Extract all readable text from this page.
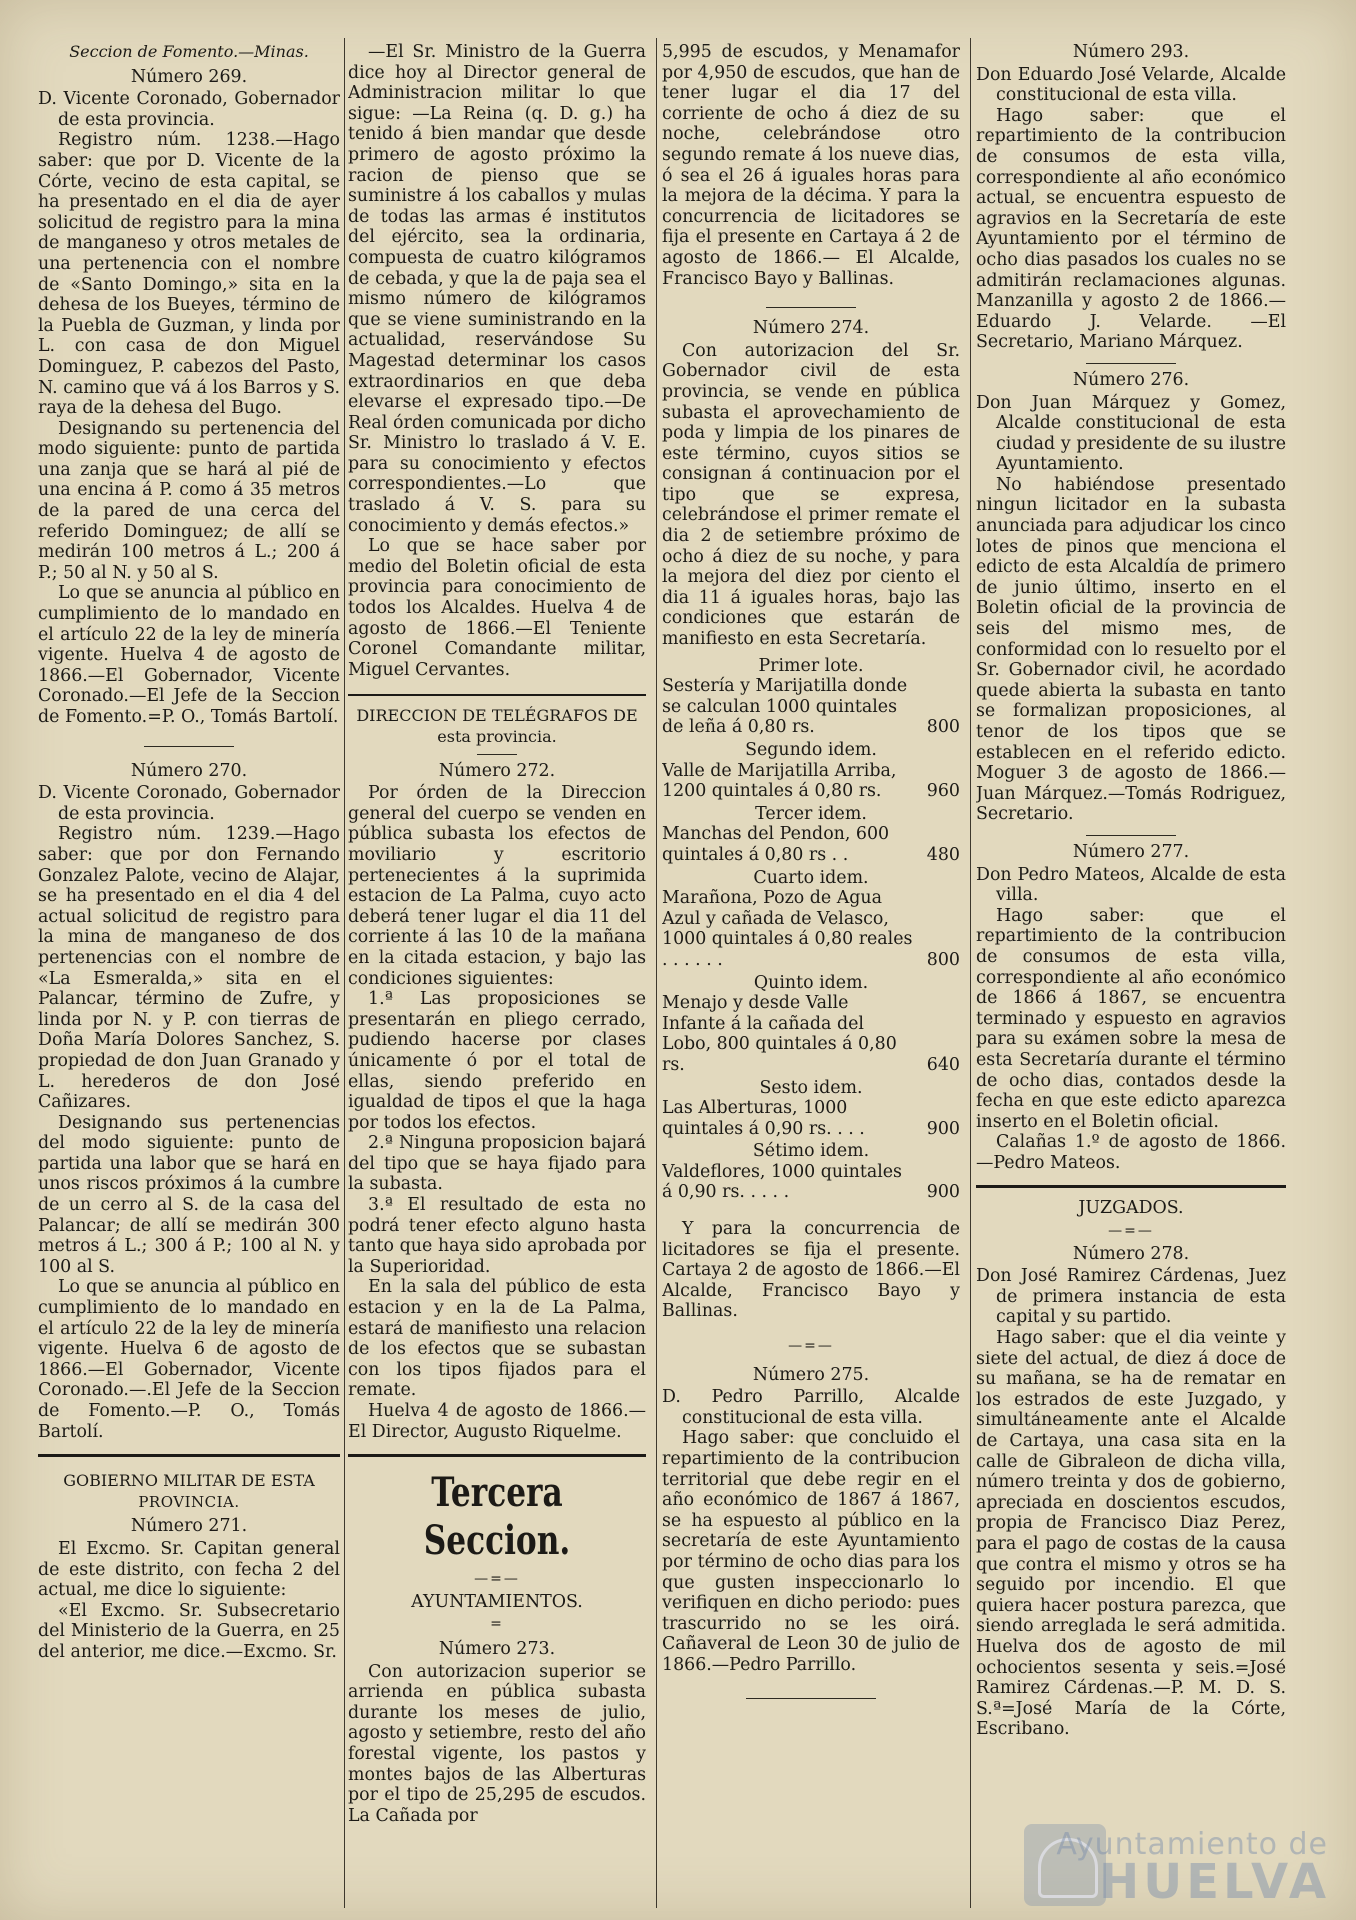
Seccion de Fomento.—Minas.

Número 269.

D. Vicente Coronado, Gobernador de esta provincia.

Registro núm. 1238.—Hago saber: que por D. Vicente de la Córte, vecino de esta capital, se ha presentado en el dia de ayer solicitud de registro para la mina de manganeso y otros metales de una pertenencia con el nombre de «Santo Domingo,» sita en la dehesa de los Bueyes, término de la Puebla de Guzman, y linda por L. con casa de don Miguel Dominguez, P. cabezos del Pasto, N. camino que vá á los Barros y S. raya de la dehesa del Bugo.

Designando su pertenencia del modo siguiente: punto de partida una zanja que se hará al pié de una encina á P. como á 35 metros de la pared de una cerca del referido Dominguez; de allí se medirán 100 metros á L.; 200 á P.; 50 al N. y 50 al S.

Lo que se anuncia al público en cumplimiento de lo mandado en el artículo 22 de la ley de minería vigente. Huelva 4 de agosto de 1866.—El Gobernador, Vicente Coronado.—El Jefe de la Seccion de Fomento.=P. O., Tomás Bartolí.

Número 270.

D. Vicente Coronado, Gobernador de esta provincia.

Registro núm. 1239.—Hago saber: que por don Fernando Gonzalez Palote, vecino de Alajar, se ha presentado en el dia 4 del actual solicitud de registro para la mina de manganeso de dos pertenencias con el nombre de «La Esmeralda,» sita en el Palancar, término de Zufre, y linda por N. y P. con tierras de Doña María Dolores Sanchez, S. propiedad de don Juan Granado y L. herederos de don José Cañizares.

Designando sus pertenencias del modo siguiente: punto de partida una labor que se hará en unos riscos próximos á la cumbre de un cerro al S. de la casa del Palancar; de allí se medirán 300 metros á L.; 300 á P.; 100 al N. y 100 al S.

Lo que se anuncia al público en cumplimiento de lo mandado en el artículo 22 de la ley de minería vigente. Huelva 6 de agosto de 1866.—El Gobernador, Vicente Coronado.—.El Jefe de la Seccion de Fomento.—P. O., Tomás Bartolí.

GOBIERNO MILITAR DE ESTA

PROVINCIA.

Número 271.

El Excmo. Sr. Capitan general de este distrito, con fecha 2 del actual, me dice lo siguiente:

«El Excmo. Sr. Subsecretario del Ministerio de la Guerra, en 25 del anterior, me dice.—Excmo. Sr.

—El Sr. Ministro de la Guerra dice hoy al Director general de Administracion militar lo que sigue: —La Reina (q. D. g.) ha tenido á bien mandar que desde primero de agosto próximo la racion de pienso que se suministre á los caballos y mulas de todas las armas é institutos del ejército, sea la ordinaria, compuesta de cuatro kilógramos de cebada, y que la de paja sea el mismo número de kilógramos que se viene suministrando en la actualidad, reservándose Su Magestad determinar los casos extraordinarios en que deba elevarse el expresado tipo.—De Real órden comunicada por dicho Sr. Ministro lo traslado á V. E. para su conocimiento y efectos correspondientes.—Lo que traslado á V. S. para su conocimiento y demás efectos.»

Lo que se hace saber por medio del Boletin oficial de esta provincia para conocimiento de todos los Alcaldes. Huelva 4 de agosto de 1866.—El Teniente Coronel Comandante militar, Miguel Cervantes.

DIRECCION DE TELÉGRAFOS DE esta provincia.

Número 272.

Por órden de la Direccion general del cuerpo se venden en pública subasta los efectos de moviliario y escritorio pertenecientes á la suprimida estacion de La Palma, cuyo acto deberá tener lugar el dia 11 del corriente á las 10 de la mañana en la citada estacion, y bajo las condiciones siguientes:

1.ª Las proposiciones se presentarán en pliego cerrado, pudiendo hacerse por clases únicamente ó por el total de ellas, siendo preferido en igualdad de tipos el que la haga por todos los efectos.

2.ª Ninguna proposicion bajará del tipo que se haya fijado para la subasta.

3.ª El resultado de esta no podrá tener efecto alguno hasta tanto que haya sido aprobada por la Superioridad.

En la sala del público de esta estacion y en la de La Palma, estará de manifiesto una relacion de los efectos que se subastan con los tipos fijados para el remate.

Huelva 4 de agosto de 1866.— El Director, Augusto Riquelme.

Tercera Seccion.

—=—

AYUNTAMIENTOS.

=

Número 273.

Con autorizacion superior se arrienda en pública subasta durante los meses de julio, agosto y setiembre, resto del año forestal vigente, los pastos y montes bajos de las Alberturas por el tipo de 25,295 de escudos. La Cañada por

5,995 de escudos, y Menamafor por 4,950 de escudos, que han de tener lugar el dia 17 del corriente de ocho á diez de su noche, celebrándose otro segundo remate á los nueve dias, ó sea el 26 á iguales horas para la mejora de la décima. Y para la concurrencia de licitadores se fija el presente en Cartaya á 2 de agosto de 1866.— El Alcalde, Francisco Bayo y Ballinas.

Número 274.

Con autorizacion del Sr. Gobernador civil de esta provincia, se vende en pública subasta el aprovechamiento de poda y limpia de los pinares de este término, cuyos sitios se consignan á continuacion por el tipo que se expresa, celebrándose el primer remate el dia 2 de setiembre próximo de ocho á diez de su noche, y para la mejora del diez por ciento el dia 11 á iguales horas, bajo las condiciones que estarán de manifiesto en esta Secretaría.

Primer lote.

Sestería y Marijatilla donde se calculan 1000 quintales de leña á 0,80 rs.	800

Segundo idem.

Valle de Marijatilla Arriba, 1200 quintales á 0,80 rs.	960

Tercer idem.

Manchas del Pendon, 600 quintales á 0,80 rs . .	480

Cuarto idem.

Marañona, Pozo de Agua Azul y cañada de Velasco, 1000 quintales á 0,80 reales . . . . . .	800

Quinto idem.

Menajo y desde Valle Infante á la cañada del Lobo, 800 quintales á 0,80 rs.	640

Sesto idem.

Las Alberturas, 1000 quintales á 0,90 rs. . . .	900

Sétimo idem.

Valdeflores, 1000 quintales á 0,90 rs. . . . .	900

Y para la concurrencia de licitadores se fija el presente. Cartaya 2 de agosto de 1866.—El Alcalde, Francisco Bayo y Ballinas.

—=—

Número 275.

D. Pedro Parrillo, Alcalde constitucional de esta villa.

Hago saber: que concluido el repartimiento de la contribucion territorial que debe regir en el año económico de 1867 á 1867, se ha espuesto al público en la secretaría de este Ayuntamiento por término de ocho dias para los que gusten inspeccionarlo lo verifiquen en dicho periodo: pues trascurrido no se les oirá. Cañaveral de Leon 30 de julio de 1866.—Pedro Parrillo.

Número 293.

Don Eduardo José Velarde, Alcalde constitucional de esta villa.

Hago saber: que el repartimiento de la contribucion de consumos de esta villa, correspondiente al año económico actual, se encuentra espuesto de agravios en la Secretaría de este Ayuntamiento por el término de ocho dias pasados los cuales no se admitirán reclamaciones algunas. Manzanilla y agosto 2 de 1866.—Eduardo J. Velarde. —El Secretario, Mariano Márquez.

Número 276.

Don Juan Márquez y Gomez, Alcalde constitucional de esta ciudad y presidente de su ilustre Ayuntamiento.

No habiéndose presentado ningun licitador en la subasta anunciada para adjudicar los cinco lotes de pinos que menciona el edicto de esta Alcaldía de primero de junio último, inserto en el Boletin oficial de la provincia de seis del mismo mes, de conformidad con lo resuelto por el Sr. Gobernador civil, he acordado quede abierta la subasta en tanto se formalizan proposiciones, al tenor de los tipos que se establecen en el referido edicto. Moguer 3 de agosto de 1866.—Juan Márquez.—Tomás Rodriguez, Secretario.

Número 277.

Don Pedro Mateos, Alcalde de esta villa.

Hago saber: que el repartimiento de la contribucion de consumos de esta villa, correspondiente al año económico de 1866 á 1867, se encuentra terminado y espuesto en agravios para su exámen sobre la mesa de esta Secretaría durante el término de ocho dias, contados desde la fecha en que este edicto aparezca inserto en el Boletin oficial.

Calañas 1.º de agosto de 1866. —Pedro Mateos.

JUZGADOS.

—=—

Número 278.

Don José Ramirez Cárdenas, Juez de primera instancia de esta capital y su partido.

Hago saber: que el dia veinte y siete del actual, de diez á doce de su mañana, se ha de rematar en los estrados de este Juzgado, y simultáneamente ante el Alcalde de Cartaya, una casa sita en la calle de Gibraleon de dicha villa, número treinta y dos de gobierno, apreciada en doscientos escudos, propia de Francisco Diaz Perez, para el pago de costas de la causa que contra el mismo y otros se ha seguido por incendio. El que quiera hacer postura parezca, que siendo arreglada le será admitida. Huelva dos de agosto de mil ochocientos sesenta y seis.=José Ramirez Cárdenas.—P. M. D. S. S.ª=José María de la Córte, Escribano.

Ayuntamiento de
HUELVA
